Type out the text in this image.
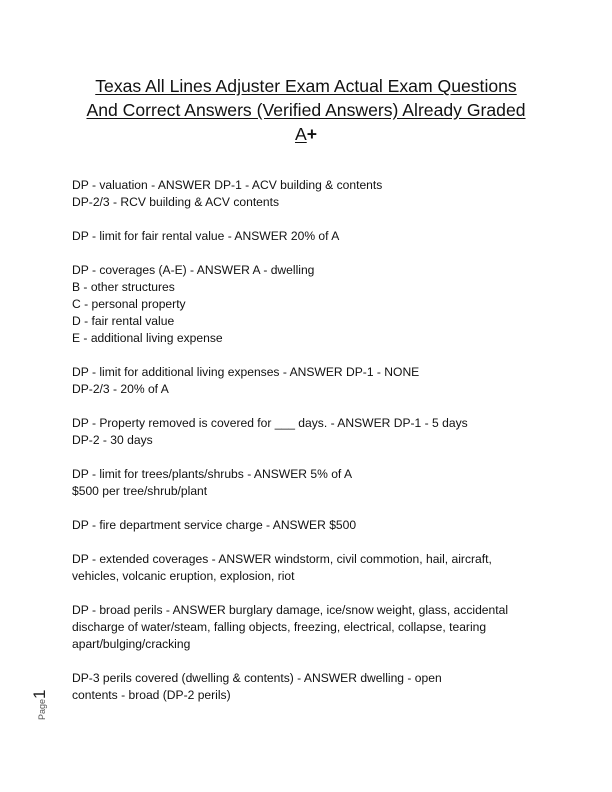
Texas All Lines Adjuster Exam Actual Exam Questions
And Correct Answers (Verified Answers) Already Graded
A+
DP - valuation - ANSWER DP-1 - ACV building & contents
DP-2/3 - RCV building & ACV contents
DP - limit for fair rental value - ANSWER 20% of A
DP - coverages (A-E) - ANSWER A - dwelling
B - other structures
C - personal property
D - fair rental value
E - additional living expense
DP - limit for additional living expenses - ANSWER DP-1 - NONE
DP-2/3 - 20% of A
DP - Property removed is covered for ___ days. - ANSWER DP-1 - 5 days
DP-2 - 30 days
DP - limit for trees/plants/shrubs - ANSWER 5% of A
$500 per tree/shrub/plant
DP - fire department service charge - ANSWER $500
DP - extended coverages - ANSWER windstorm, civil commotion, hail, aircraft,
vehicles, volcanic eruption, explosion, riot
DP - broad perils - ANSWER burglary damage, ice/snow weight, glass, accidental
discharge of water/steam, falling objects, freezing, electrical, collapse, tearing
apart/bulging/cracking
DP-3 perils covered (dwelling & contents) - ANSWER dwelling - open
contents - broad (DP-2 perils)
Page1
